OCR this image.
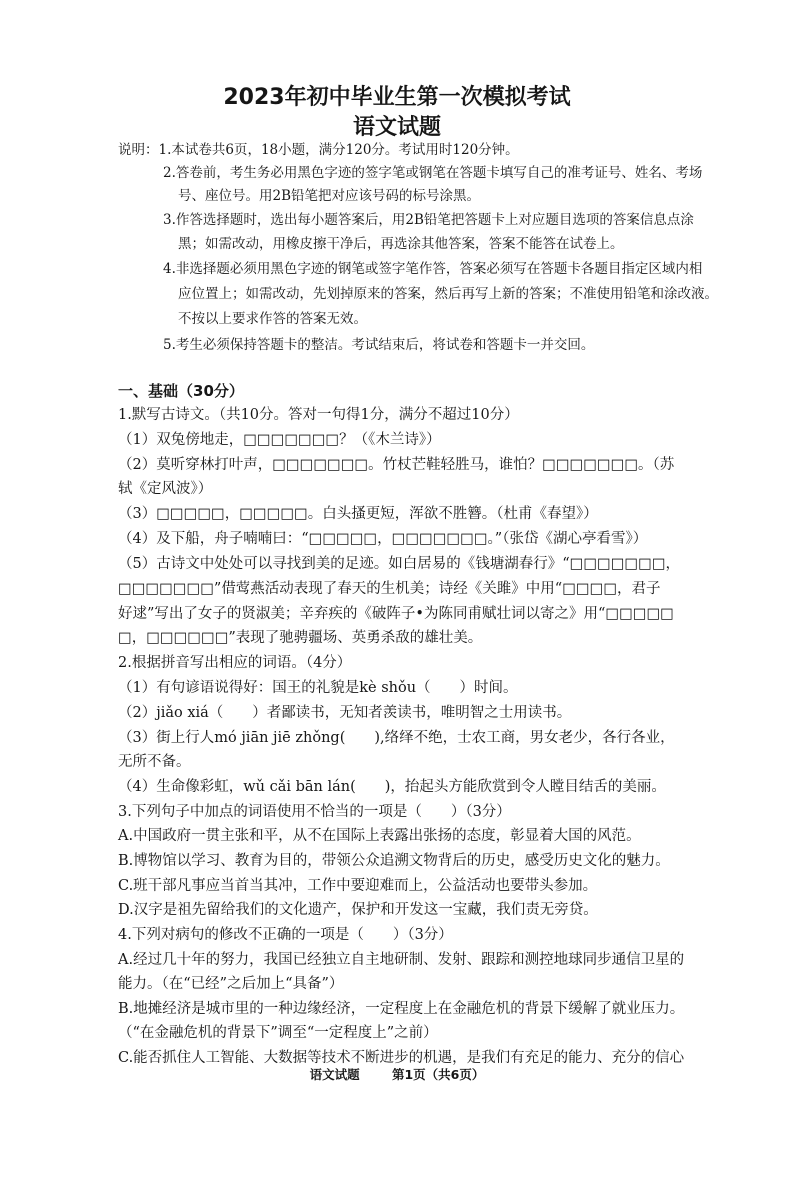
2023年初中毕业生第一次模拟考试
语文试题
说明：1.本试卷共6页，18小题，满分120分。考试用时120分钟。
2.答卷前，考生务必用黑色字迹的签字笔或钢笔在答题卡填写自己的准考证号、姓名、考场
号、座位号。用2B铅笔把对应该号码的标号涂黑。
3.作答选择题时，选出每小题答案后，用2B铅笔把答题卡上对应题目选项的答案信息点涂
黑；如需改动，用橡皮擦干净后，再选涂其他答案，答案不能答在试卷上。
4.非选择题必须用黑色字迹的钢笔或签字笔作答，答案必须写在答题卡各题目指定区域内相
应位置上；如需改动，先划掉原来的答案，然后再写上新的答案；不准使用铅笔和涂改液。
不按以上要求作答的答案无效。
5.考生必须保持答题卡的整洁。考试结束后，将试卷和答题卡一并交回。
一、基础（30分）
1.默写古诗文。（共10分。答对一句得1分，满分不超过10分）
（1）双兔傍地走，□□□□□□□？（《木兰诗》）
（2）莫听穿林打叶声，□□□□□□□。竹杖芒鞋轻胜马，谁怕？□□□□□□□。（苏
轼《定风波》）
（3）□□□□□，□□□□□。白头搔更短，浑欲不胜簪。（杜甫《春望》）
（4）及下船，舟子喃喃曰：“□□□□□，□□□□□□□。”（张岱《湖心亭看雪》）
（5）古诗文中处处可以寻找到美的足迹。如白居易的《钱塘湖春行》“□□□□□□□，
□□□□□□□”借莺燕活动表现了春天的生机美；诗经《关雎》中用“□□□□，君子
好逑”写出了女子的贤淑美；辛弃疾的《破阵子•为陈同甫赋壮词以寄之》用“□□□□□
□，□□□□□□”表现了驰骋疆场、英勇杀敌的雄壮美。
2.根据拼音写出相应的词语。（4分）
（1）有句谚语说得好：国王的礼貌是kè shǒu（　　）时间。
（2）jiǎo xiá（　　）者鄙读书，无知者羡读书，唯明智之士用读书。
（3）街上行人mó jiān jiē zhǒng(　　),络绎不绝，士农工商，男女老少，各行各业，
无所不备。
（4）生命像彩虹，wǔ cǎi bān lán(　　)，抬起头方能欣赏到令人瞠目结舌的美丽。
3.下列句子中加点的词语使用不恰当的一项是（　　）（3分）
A.中国政府一贯主张和平，从不在国际上表露出张扬的态度，彰显着大国的风范。
B.博物馆以学习、教育为目的，带领公众追溯文物背后的历史，感受历史文化的魅力。
C.班干部凡事应当首当其冲，工作中要迎难而上，公益活动也要带头参加。
D.汉字是祖先留给我们的文化遗产，保护和开发这一宝藏，我们责无旁贷。
4.下列对病句的修改不正确的一项是（　　）（3分）
A.经过几十年的努力，我国已经独立自主地研制、发射、跟踪和测控地球同步通信卫星的
能力。（在“已经”之后加上“具备”）
B.地摊经济是城市里的一种边缘经济，一定程度上在金融危机的背景下缓解了就业压力。
（“在金融危机的背景下”调至“一定程度上”之前）
C.能否抓住人工智能、大数据等技术不断进步的机遇，是我们有充足的能力、充分的信心
语文试题	第1页（共6页）
